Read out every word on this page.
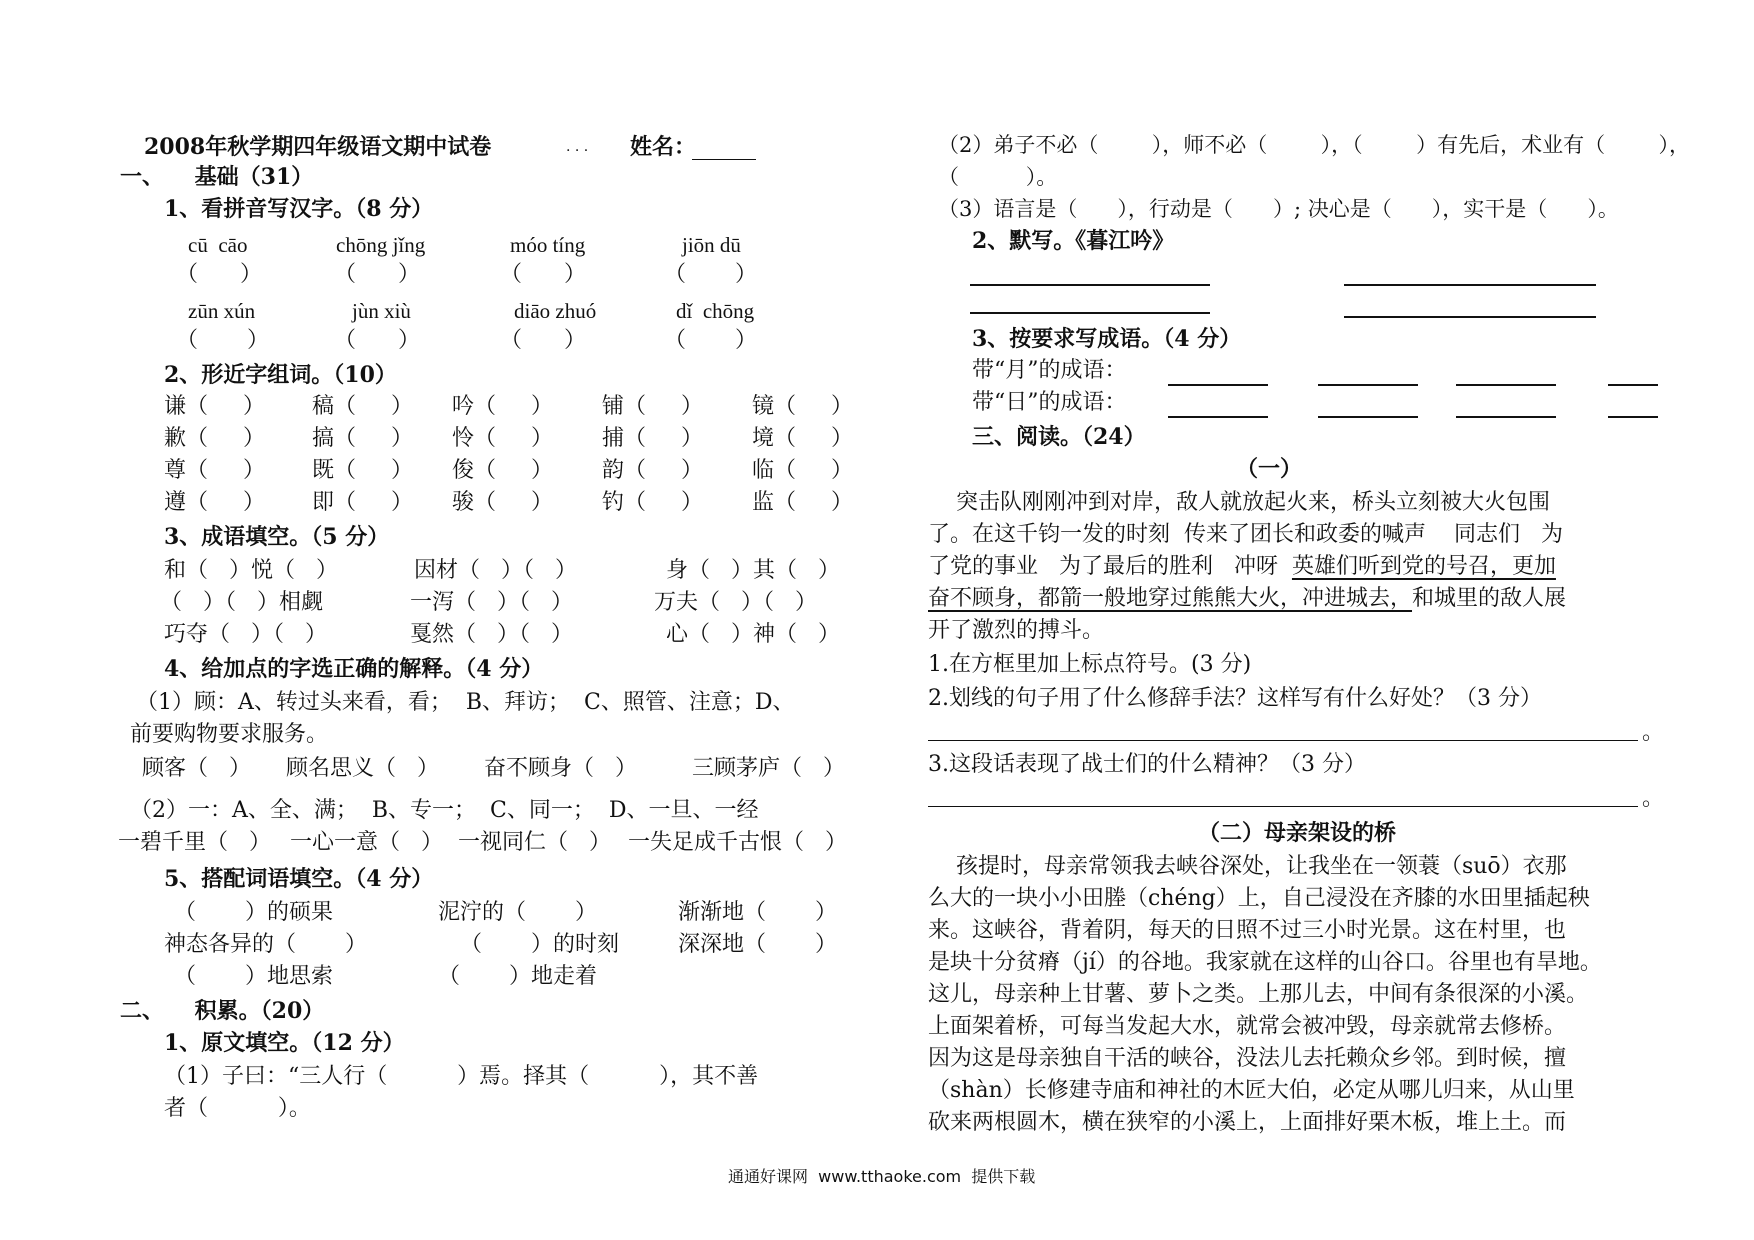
2008年秋学期四年级语文期中试卷	. . . 姓名：
一、    基础（31）
1、看拼音写汉字。（8 分）
cū  cāo	chōng jǐng	móo tíng	jiōn dū
（      ）	（      ）	（      ）	（       ）
zūn xún	jùn xiù	diāo zhuó	dǐ  chōng
（       ）	（      ）	（      ）	（       ）
2、形近字组词。（10）
谦（     ） 稿（     ） 吟（     ） 铺（     ） 镜（     ）
歉（     ） 搞（     ） 怜（     ） 捕（     ） 境（     ）
尊（     ） 既（     ） 俊（     ） 韵（     ） 临（     ）
遵（     ） 即（     ） 骏（     ） 钓（     ） 监（     ）
3、成语填空。（5 分）
和（   ）悦（   ）	因材（   ）（   ）	身（   ）其（   ）
（   ）（   ）相觑	一泻（   ）（   ）	万夫（   ）（   ）
巧夺（   ）（   ）	戛然（   ）（   ）	心（   ）神（   ）
4、给加点的字选正确的解释。（4 分）
（1）顾：A、转过头来看，看；  B、拜访；  C、照管、注意；D、
前要购物要求服务。
顾客（   ） 顾名思义（   ） 奋不顾身（   ）	三顾茅庐（   ）
（2）一：A、全、满；  B、专一；  C、同一；  D、一旦、一经
一碧千里（   ） 一心一意（   ） 一视同仁（   ） 一失足成千古恨（   ）
5、搭配词语填空。（4 分）
（       ）的硕果	泥泞的（       ）	渐渐地（       ）
神态各异的（       ）	（       ）的时刻	深深地（       ）
（       ）地思索	（       ）地走着
二、    积累。（20）
1、原文填空。（12 分）
（1）子曰：“三人行（          ）焉。择其（          ），其不善
者（          ）。
（2）弟子不必（        ），师不必（        ），（        ）有先后，术业有（        ），
（          ）。
（3）语言是（      ），行动是（      ）; 决心是（      ），实干是（      ）。
2、默写。《暮江吟》
3、按要求写成语。（4 分）
带“月”的成语：
带“日”的成语：
三、阅读。（24）
（一）
突击队刚刚冲到对岸，敌人就放起火来，桥头立刻被大火包围
了。在这千钧一发的时刻  传来了团长和政委的喊声    同志们   为
了党的事业   为了最后的胜利   冲呀  英雄们听到党的号召，更加
奋不顾身，都箭一般地穿过熊熊大火，冲进城去，和城里的敌人展
开了激烈的搏斗。
1.在方框里加上标点符号。(3 分)
2.划线的句子用了什么修辞手法？这样写有什么好处？（3 分）
。
3.这段话表现了战士们的什么精神？（3 分）
。
（二）母亲架设的桥
孩提时，母亲常领我去峡谷深处，让我坐在一领蓑（suō）衣那
么大的一块小小田塍（chéng）上，自己浸没在齐膝的水田里插起秧
来。这峡谷，背着阴，每天的日照不过三小时光景。这在村里，也
是块十分贫瘠（jí）的谷地。我家就在这样的山谷口。谷里也有旱地。
这儿，母亲种上甘薯、萝卜之类。上那儿去，中间有条很深的小溪。
上面架着桥，可每当发起大水，就常会被冲毁，母亲就常去修桥。
因为这是母亲独自干活的峡谷，没法儿去托赖众乡邻。到时候，擅
（shàn）长修建寺庙和神社的木匠大伯，必定从哪儿归来，从山里
砍来两根圆木，横在狭窄的小溪上，上面排好栗木板，堆上土。而
通通好课网  www.tthaoke.com  提供下载
